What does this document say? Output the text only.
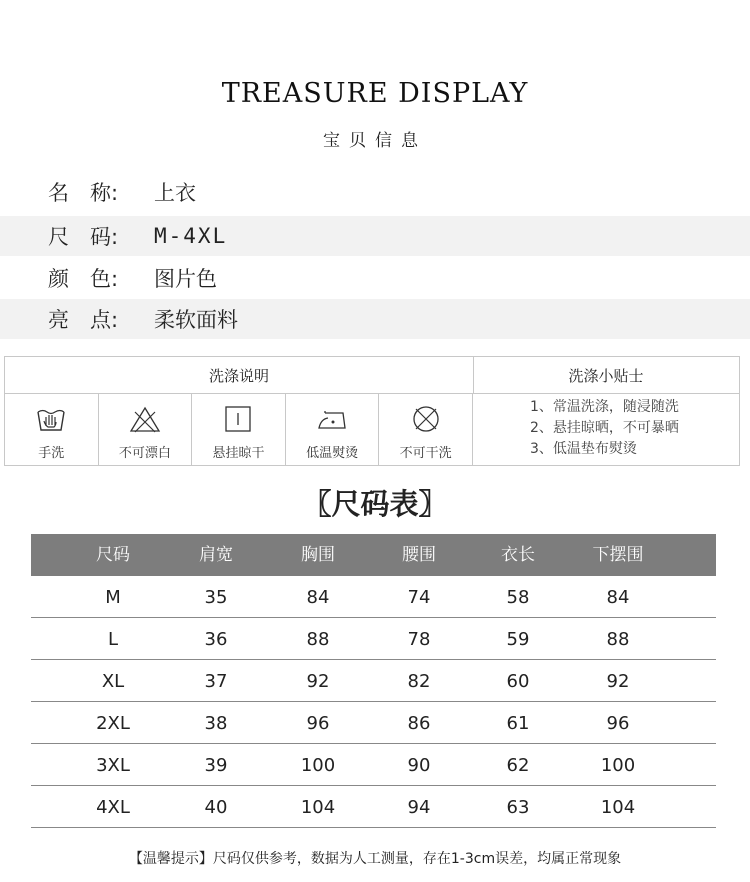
TREASURE DISPLAY
宝贝信息
名　称:	上衣
尺　码:	M-4XL
颜　色:	图片色
亮　点:	柔软面料
洗涤说明	洗涤小贴士
手洗	不可漂白	悬挂晾干	低温熨烫	不可干洗
1、常温洗涤，随浸随洗
2、悬挂晾晒，不可暴晒
3、低温垫布熨烫
〖尺码表〗
尺码	肩宽	胸围	腰围	衣长	下摆围
M	35	84	74	58	84
L	36	88	78	59	88
XL	37	92	82	60	92
2XL	38	96	86	61	96
3XL	39	100	90	62	100
4XL	40	104	94	63	104
【温馨提示】尺码仅供参考，数据为人工测量，存在1-3cm误差，均属正常现象
